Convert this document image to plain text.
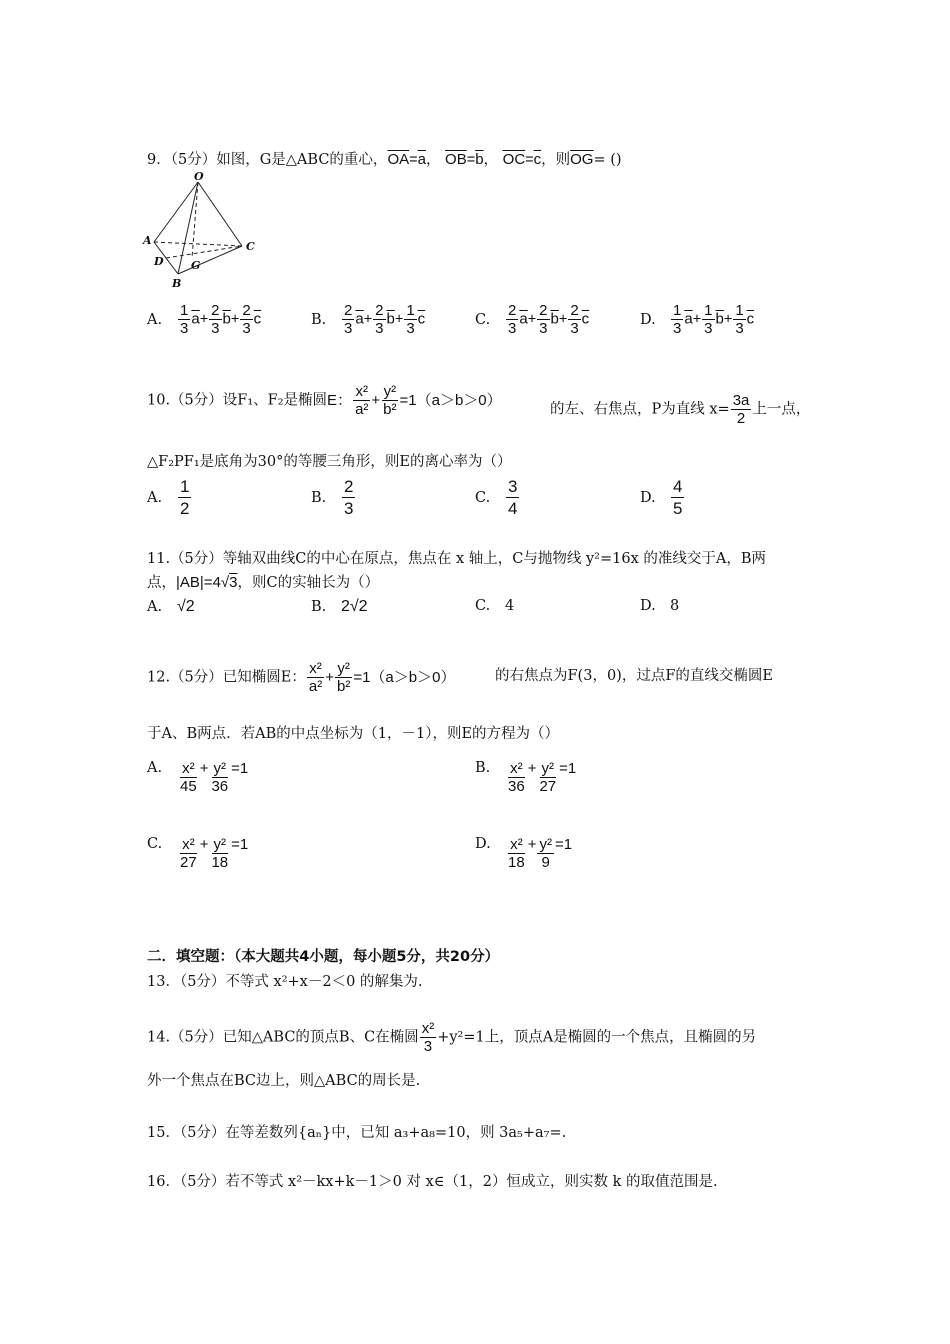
9．（5分）如图，G是△ABC的重心，$\overline{OA}=\overline{a}$， $\overline{OB}=\overline{b}$， $\overline{OC}=\overline{c}$，则$\overline{OG}=$ ()
O
A	C
D G
B
A. $\frac{1}{3} \overline{a}+ \frac{2}{3} \overline{b}+ \frac{2}{3} \overline{c}$	B. $\frac{2}{3} \overline{a}+ \frac{2}{3} \overline{b}+ \frac{1}{3} \overline{c}$	C. $\frac{2}{3} \overline{a}+ \frac{2}{3} \overline{b}+ \frac{2}{3} \overline{c}$	D. $\frac{1}{3} \overline{a}+ \frac{1}{3} \overline{b}+ \frac{1}{3} \overline{c}$
10.（5分）设F₁、F₂是椭圆 E： $\frac{\text{x²}}{\text{a²}} + \frac{\text{y²}}{\text{b²}} =1(a>b>0)$
的左、右焦点，P为直线 $x= \frac{3a}{2}$ 上一点，
△F₂PF₁是底角为30°的等腰三角形，则E的离心率为（）
A. $\frac{1}{2}$	B. $\frac{2}{3}$	C. $\frac{3}{4}$	D. $\frac{4}{5}$
11.（5分）等轴双曲线C的中心在原点，焦点在 x 轴上，C与抛物线 y²=16x 的准线交于A，B两
点，|AB|=4√3，则C的实轴长为（）
A. √2	B. 2√2	C. 4	D. 8
12.（5分）已知椭圆E： $\frac{\text{x²}}{\text{a²}} + \frac{\text{y²}}{\text{b²}} =1(a>b>0)$	的右焦点为F(3，0)，过点F的直线交椭圆E
于A、B两点．若AB的中点坐标为（1，－1），则E的方程为（）
A. $\frac{\text{x²}}{45} + \frac{\text{y²}}{36} =1$	B. $\frac{\text{x²}}{36} + \frac{\text{y²}}{27} =1$
C. $\frac{\text{x²}}{27} + \frac{\text{y²}}{18} =1$	D. $\frac{\text{x²}}{18} + \frac{\text{y²}}{9} =1$
二．填空题：（本大题共4小题，每小题5分，共20分）
13．（5分）不等式 x²+x－2＜0 的解集为.
14.（5分）已知△ABC的顶点B、C在椭圆 $\frac{\text{x²}}{3} +y^2=1$上，顶点A是椭圆的一个焦点，且椭圆的另
外一个焦点在BC边上，则△ABC的周长是.
15．（5分）在等差数列{aₙ}中，已知 a₃+a₈=10，则 3a₅+a₇=.
16．（5分）若不等式 x²－kx+k－1＞0 对 x∈（1，2）恒成立，则实数 k 的取值范围是.
